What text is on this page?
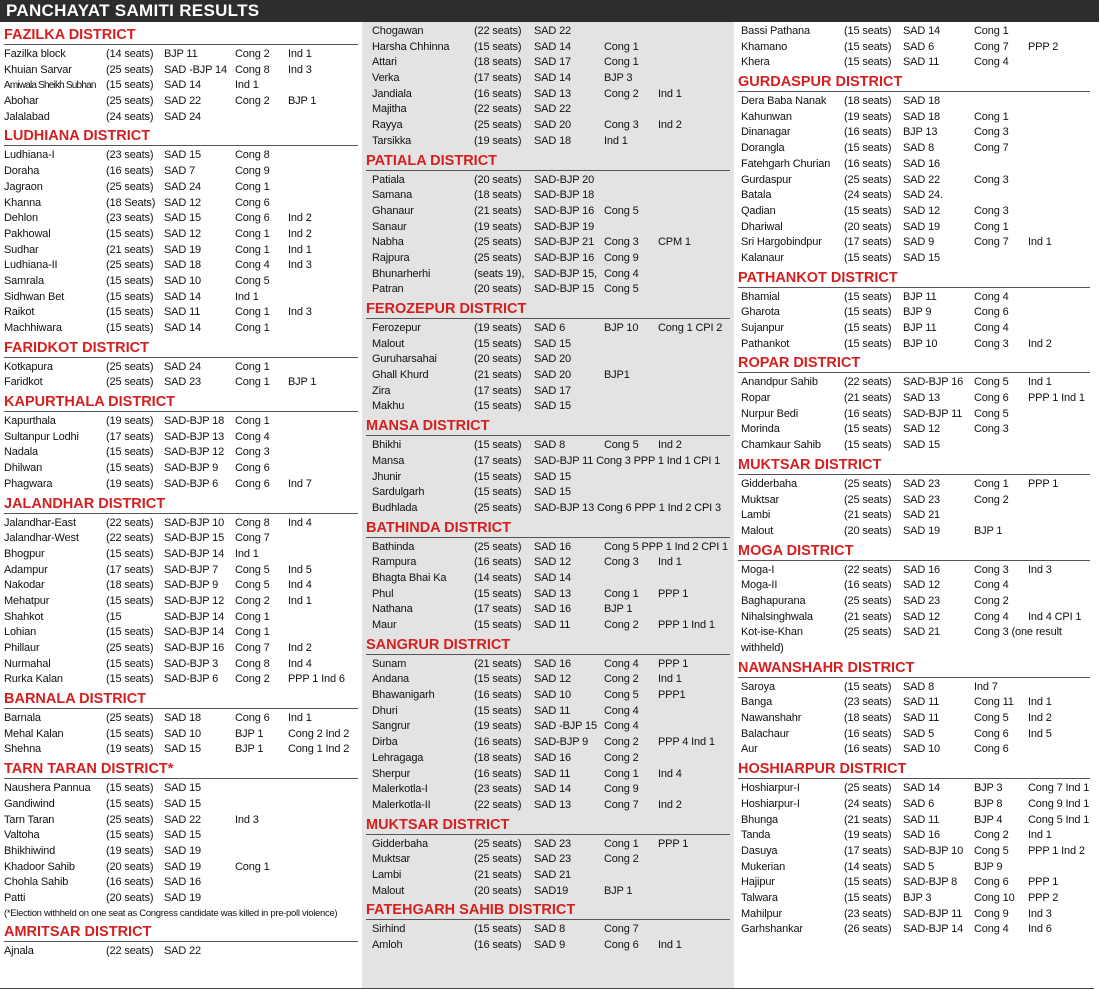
PANCHAYAT SAMITI RESULTS
FAZILKA DISTRICT
Fazilka block	(14 seats) BJP 11	Cong 2 Ind 1
Khuian Sarvar	(25 seats) SAD -BJP 14 Cong 8 Ind 3
Amiwala Sheikh Subhan (15 seats) SAD 14	Ind 1
Abohar	(25 seats) SAD 22	Cong 2 BJP 1
Jalalabad	(24 seats) SAD 24
LUDHIANA DISTRICT
Ludhiana-I	(23 seats) SAD 15	Cong 8
Doraha	(16 seats) SAD 7	Cong 9
Jagraon	(25 seats) SAD 24	Cong 1
Khanna	(18 Seats) SAD 12	Cong 6
Dehlon	(23 seats) SAD 15	Cong 6 Ind 2
Pakhowal	(15 seats) SAD 12	Cong 1 Ind 2
Sudhar	(21 seats) SAD 19	Cong 1 Ind 1
Ludhiana-II	(25 seats) SAD 18	Cong 4 Ind 3
Samrala	(15 seats) SAD 10	Cong 5
Sidhwan Bet	(15 seats) SAD 14	Ind 1
Raikot	(15 seats) SAD 11	Cong 1 Ind 3
Machhiwara	(15 seats) SAD 14	Cong 1
FARIDKOT DISTRICT
Kotkapura	(25 seats) SAD 24	Cong 1
Faridkot	(25 seats) SAD 23	Cong 1 BJP 1
KAPURTHALA DISTRICT
Kapurthala	(19 seats) SAD-BJP 18 Cong 1
Sultanpur Lodhi (17 seats) SAD-BJP 13 Cong 4
Nadala	(15 seats) SAD-BJP 12 Cong 3
Dhilwan	(15 seats) SAD-BJP 9 Cong 6
Phagwara	(19 seats) SAD-BJP 6 Cong 6 Ind 7
JALANDHAR DISTRICT
Jalandhar-East	(22 seats) SAD-BJP 10 Cong 8 Ind 4
Jalandhar-West (22 seats) SAD-BJP 15 Cong 7
Bhogpur	(15 seats) SAD-BJP 14 Ind 1
Adampur	(17 seats) SAD-BJP 7 Cong 5 Ind 5
Nakodar	(18 seats) SAD-BJP 9 Cong 5 Ind 4
Mehatpur	(15 seats) SAD-BJP 12 Cong 2 Ind 1
Shahkot	(15	SAD-BJP 14 Cong 1
Lohian	(15 seats) SAD-BJP 14 Cong 1
Phillaur	(25 seats) SAD-BJP 16 Cong 7 Ind 2
Nurmahal	(15 seats) SAD-BJP 3 Cong 8 Ind 4
Rurka Kalan	(15 seats) SAD-BJP 6 Cong 2 PPP 1 Ind 6
BARNALA DISTRICT
Barnala	(25 seats) SAD 18	Cong 6 Ind 1
Mehal Kalan	(15 seats) SAD 10	BJP 1 Cong 2 Ind 2
Shehna	(19 seats) SAD 15	BJP 1 Cong 1 Ind 2
TARN TARAN DISTRICT*
Naushera Pannua (15 seats) SAD 15
Gandiwind	(15 seats) SAD 15
Tarn Taran	(25 seats) SAD 22	Ind 3
Valtoha	(15 seats) SAD 15
Bhikhiwind	(19 seats) SAD 19
Khadoor Sahib	(20 seats) SAD 19	Cong 1
Chohla Sahib	(16 seats) SAD 16
Patti	(20 seats) SAD 19
(*Election withheld on one seat as Congress candidate was killed in pre-poll violence)
AMRITSAR DISTRICT
Ajnala	(22 seats) SAD 22
Chogawan	(22 seats) SAD 22
Harsha Chhinna (15 seats) SAD 14	Cong 1
Attari	(18 seats) SAD 17	Cong 1
Verka	(17 seats) SAD 14	BJP 3
Jandiala	(16 seats) SAD 13	Cong 2 Ind 1
Majitha	(22 seats) SAD 22
Rayya	(25 seats) SAD 20	Cong 3 Ind 2
Tarsikka	(19 seats) SAD 18	Ind 1
PATIALA DISTRICT
Patiala	(20 seats) SAD-BJP 20
Samana	(18 seats) SAD-BJP 18
Ghanaur	(21 seats) SAD-BJP 16 Cong 5
Sanaur	(19 seats) SAD-BJP 19
Nabha	(25 seats) SAD-BJP 21 Cong 3 CPM 1
Rajpura	(25 seats) SAD-BJP 16 Cong 9
Bhunarherhi	(seats 19), SAD-BJP 15, Cong 4
Patran	(20 seats) SAD-BJP 15 Cong 5
FEROZEPUR DISTRICT
Ferozepur	(19 seats) SAD 6	BJP 10 Cong 1 CPI 2
Malout	(15 seats) SAD 15
Guruharsahai	(20 seats) SAD 20
Ghall Khurd	(21 seats) SAD 20	BJP1
Zira	(17 seats) SAD 17
Makhu	(15 seats) SAD 15
MANSA DISTRICT
Bhikhi	(15 seats) SAD 8	Cong 5 Ind 2
Mansa	(17 seats) SAD-BJP 11 Cong 3 PPP 1 Ind 1 CPI 1
Jhunir	(15 seats) SAD 15
Sardulgarh	(15 seats) SAD 15
Budhlada	(25 seats) SAD-BJP 13 Cong 6 PPP 1 Ind 2 CPI 3
BATHINDA DISTRICT
Bathinda	(25 seats) SAD 16	Cong 5 PPP 1 Ind 2 CPI 1
Rampura	(16 seats) SAD 12	Cong 3 Ind 1
Bhagta Bhai Ka	(14 seats) SAD 14
Phul	(15 seats) SAD 13	Cong 1 PPP 1
Nathana	(17 seats) SAD 16	BJP 1
Maur	(15 seats) SAD 11	Cong 2 PPP 1 Ind 1
SANGRUR DISTRICT
Sunam	(21 seats) SAD 16	Cong 4 PPP 1
Andana	(15 seats) SAD 12	Cong 2 Ind 1
Bhawanigarh	(16 seats) SAD 10	Cong 5 PPP1
Dhuri	(15 seats) SAD 11	Cong 4
Sangrur	(19 seats) SAD -BJP 15 Cong 4
Dirba	(16 seats) SAD-BJP 9 Cong 2 PPP 4 Ind 1
Lehragaga	(18 seats) SAD 16	Cong 2
Sherpur	(16 seats) SAD 11	Cong 1 Ind 4
Malerkotla-I	(23 seats) SAD 14	Cong 9
Malerkotla-II	(22 seats) SAD 13	Cong 7 Ind 2
MUKTSAR DISTRICT
Gidderbaha	(25 seats) SAD 23	Cong 1 PPP 1
Muktsar	(25 seats) SAD 23	Cong 2
Lambi	(21 seats) SAD 21
Malout	(20 seats) SAD19	BJP 1
FATEHGARH SAHIB DISTRICT
Sirhind	(15 seats) SAD 8	Cong 7
Amloh	(16 seats) SAD 9	Cong 6 Ind 1
Bassi Pathana	(15 seats) SAD 14	Cong 1
Khamano	(15 seats) SAD 6	Cong 7 PPP 2
Khera	(15 seats) SAD 11	Cong 4
GURDASPUR DISTRICT
Dera Baba Nanak (18 seats) SAD 18
Kahunwan	(19 seats) SAD 18	Cong 1
Dinanagar	(16 seats) BJP 13	Cong 3
Dorangla	(15 seats) SAD 8	Cong 7
Fatehgarh Churian (16 seats) SAD 16
Gurdaspur	(25 seats) SAD 22	Cong 3
Batala	(24 seats) SAD 24.
Qadian	(15 seats) SAD 12	Cong 3
Dhariwal	(20 seats) SAD 19	Cong 1
Sri Hargobindpur (17 seats) SAD 9	Cong 7 Ind 1
Kalanaur	(15 seats) SAD 15
PATHANKOT DISTRICT
Bhamial	(15 seats) BJP 11	Cong 4
Gharota	(15 seats) BJP 9	Cong 6
Sujanpur	(15 seats) BJP 11	Cong 4
Pathankot	(15 seats) BJP 10	Cong 3 Ind 2
ROPAR DISTRICT
Anandpur Sahib (22 seats) SAD-BJP 16 Cong 5 Ind 1
Ropar	(21 seats) SAD 13	Cong 6 PPP 1 Ind 1
Nurpur Bedi	(16 seats) SAD-BJP 11 Cong 5
Morinda	(15 seats) SAD 12	Cong 3
Chamkaur Sahib (15 seats) SAD 15
MUKTSAR DISTRICT
Gidderbaha	(25 seats) SAD 23	Cong 1 PPP 1
Muktsar	(25 seats) SAD 23	Cong 2
Lambi	(21 seats) SAD 21
Malout	(20 seats) SAD 19	BJP 1
MOGA DISTRICT
Moga-I	(22 seats) SAD 16	Cong 3 Ind 3
Moga-II	(16 seats) SAD 12	Cong 4
Baghapurana	(25 seats) SAD 23	Cong 2
Nihalsinghwala	(21 seats) SAD 12	Cong 4 Ind 4 CPI 1
Kot-ise-Khan	(25 seats) SAD 21	Cong 3 (one result
withheld)
NAWANSHAHR DISTRICT
Saroya	(15 seats) SAD 8	Ind 7
Banga	(23 seats) SAD 11	Cong 11 Ind 1
Nawanshahr	(18 seats) SAD 11	Cong 5 Ind 2
Balachaur	(16 seats) SAD 5	Cong 6 Ind 5
Aur	(16 seats) SAD 10	Cong 6
HOSHIARPUR DISTRICT
Hoshiarpur-I	(25 seats) SAD 14	BJP 3 Cong 7 Ind 1
Hoshiarpur-I	(24 seats) SAD 6	BJP 8 Cong 9 Ind 1
Bhunga	(21 seats) SAD 11	BJP 4 Cong 5 Ind 1
Tanda	(19 seats) SAD 16	Cong 2 Ind 1
Dasuya	(17 seats) SAD-BJP 10 Cong 5 PPP 1 Ind 2
Mukerian	(14 seats) SAD 5	BJP 9
Hajipur	(15 seats) SAD-BJP 8 Cong 6 PPP 1
Talwara	(15 seats) BJP 3	Cong 10 PPP 2
Mahilpur	(23 seats) SAD-BJP 11 Cong 9 Ind 3
Garhshankar	(26 seats) SAD-BJP 14 Cong 4 Ind 6
